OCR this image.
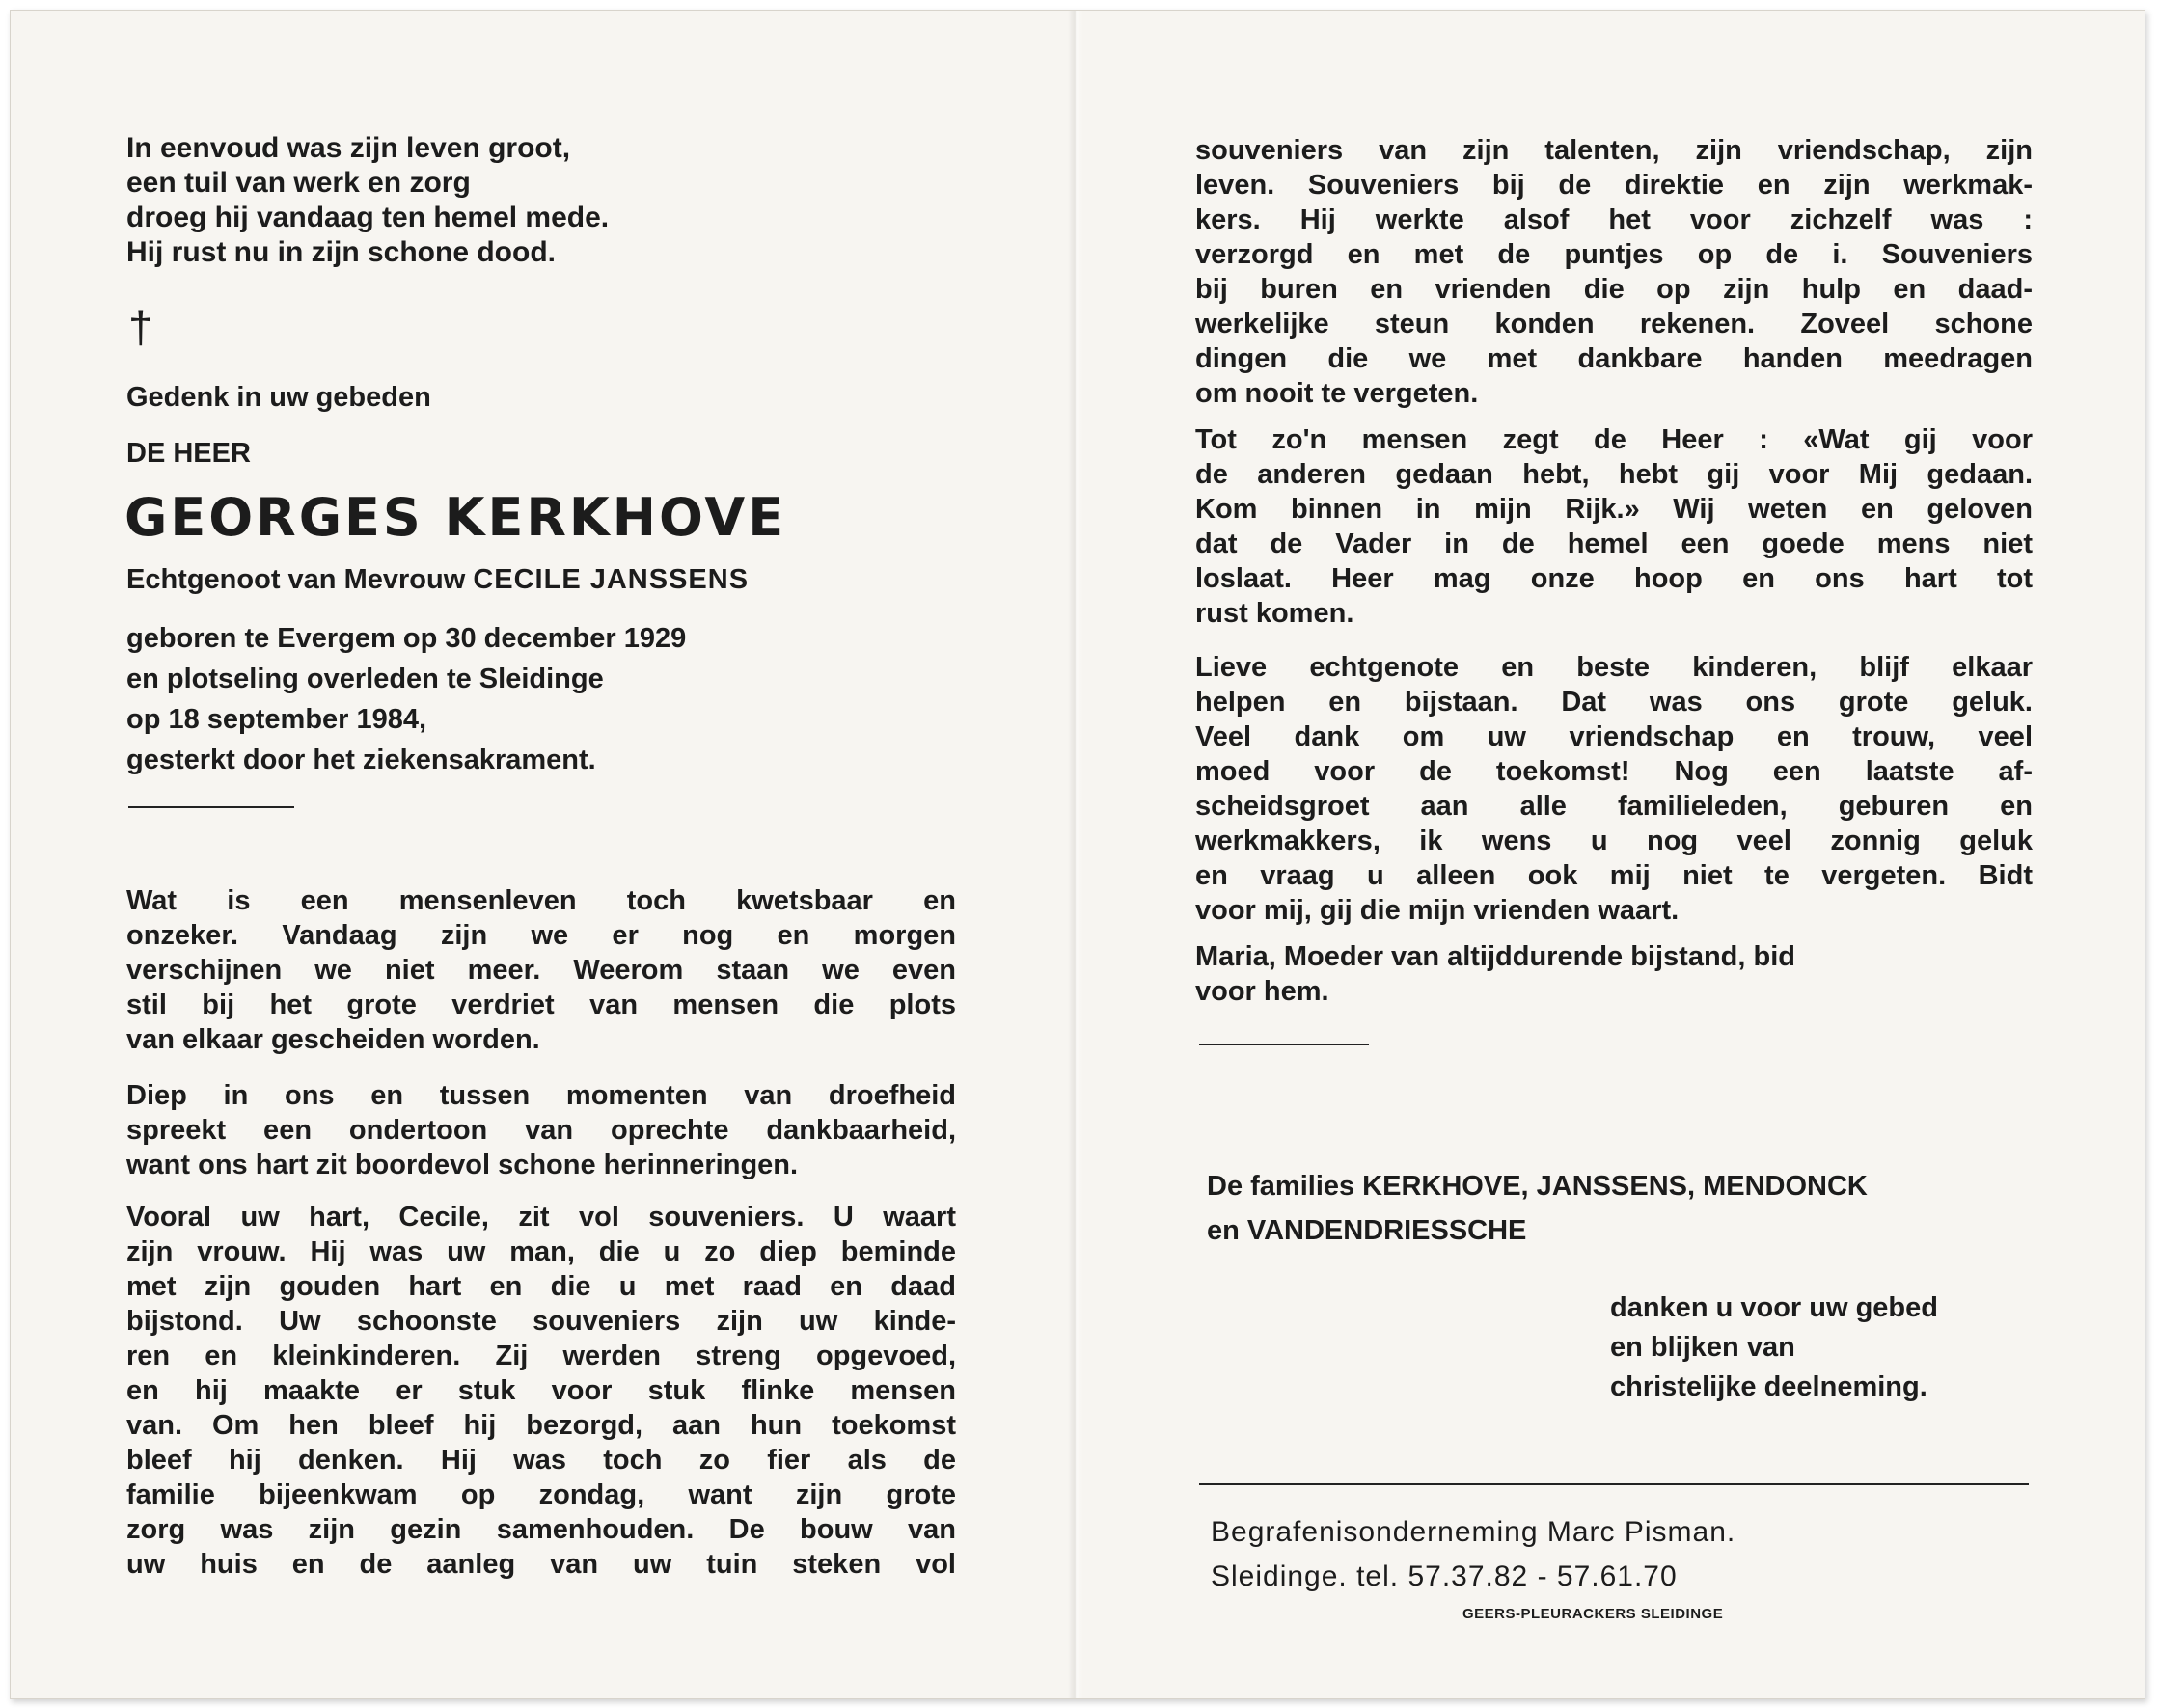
In eenvoud was zijn leven groot,
een tuil van werk en zorg
droeg hij vandaag ten hemel mede.
Hij rust nu in zijn schone dood.
†
Gedenk in uw gebeden
DE HEER
GEORGES KERKHOVE
Echtgenoot van Mevrouw CECILE JANSSENS
geboren te Evergem op 30 december 1929
en plotseling overleden te Sleidinge
op 18 september 1984,
gesterkt door het ziekensakrament.
Wat is een mensenleven toch kwetsbaar en
onzeker. Vandaag zijn we er nog en morgen
verschijnen we niet meer. Weerom staan we even
stil bij het grote verdriet van mensen die plots
van elkaar gescheiden worden.
Diep in ons en tussen momenten van droefheid
spreekt een ondertoon van oprechte dankbaarheid,
want ons hart zit boordevol schone herinneringen.
Vooral uw hart, Cecile, zit vol souveniers. U waart
zijn vrouw. Hij was uw man, die u zo diep beminde
met zijn gouden hart en die u met raad en daad
bijstond. Uw schoonste souveniers zijn uw kinde-
ren en kleinkinderen. Zij werden streng opgevoed,
en hij maakte er stuk voor stuk flinke mensen
van. Om hen bleef hij bezorgd, aan hun toekomst
bleef hij denken. Hij was toch zo fier als de
familie bijeenkwam op zondag, want zijn grote
zorg was zijn gezin samenhouden. De bouw van
uw huis en de aanleg van uw tuin steken vol
souveniers van zijn talenten, zijn vriendschap, zijn
leven. Souveniers bij de direktie en zijn werkmak-
kers. Hij werkte alsof het voor zichzelf was :
verzorgd en met de puntjes op de i. Souveniers
bij buren en vrienden die op zijn hulp en daad-
werkelijke steun konden rekenen. Zoveel schone
dingen die we met dankbare handen meedragen
om nooit te vergeten.
Tot zo'n mensen zegt de Heer : «Wat gij voor
de anderen gedaan hebt, hebt gij voor Mij gedaan.
Kom binnen in mijn Rijk.» Wij weten en geloven
dat de Vader in de hemel een goede mens niet
loslaat. Heer mag onze hoop en ons hart tot
rust komen.
Lieve echtgenote en beste kinderen, blijf elkaar
helpen en bijstaan. Dat was ons grote geluk.
Veel dank om uw vriendschap en trouw, veel
moed voor de toekomst! Nog een laatste af-
scheidsgroet aan alle familieleden, geburen en
werkmakkers, ik wens u nog veel zonnig geluk
en vraag u alleen ook mij niet te vergeten. Bidt
voor mij, gij die mijn vrienden waart.
Maria, Moeder van altijddurende bijstand, bid
voor hem.
De families KERKHOVE, JANSSENS, MENDONCK
en VANDENDRIESSCHE
danken u voor uw gebed
en blijken van
christelijke deelneming.
Begrafenisonderneming Marc Pisman.
Sleidinge. tel. 57.37.82 - 57.61.70
GEERS-PLEURACKERS SLEIDINGE
